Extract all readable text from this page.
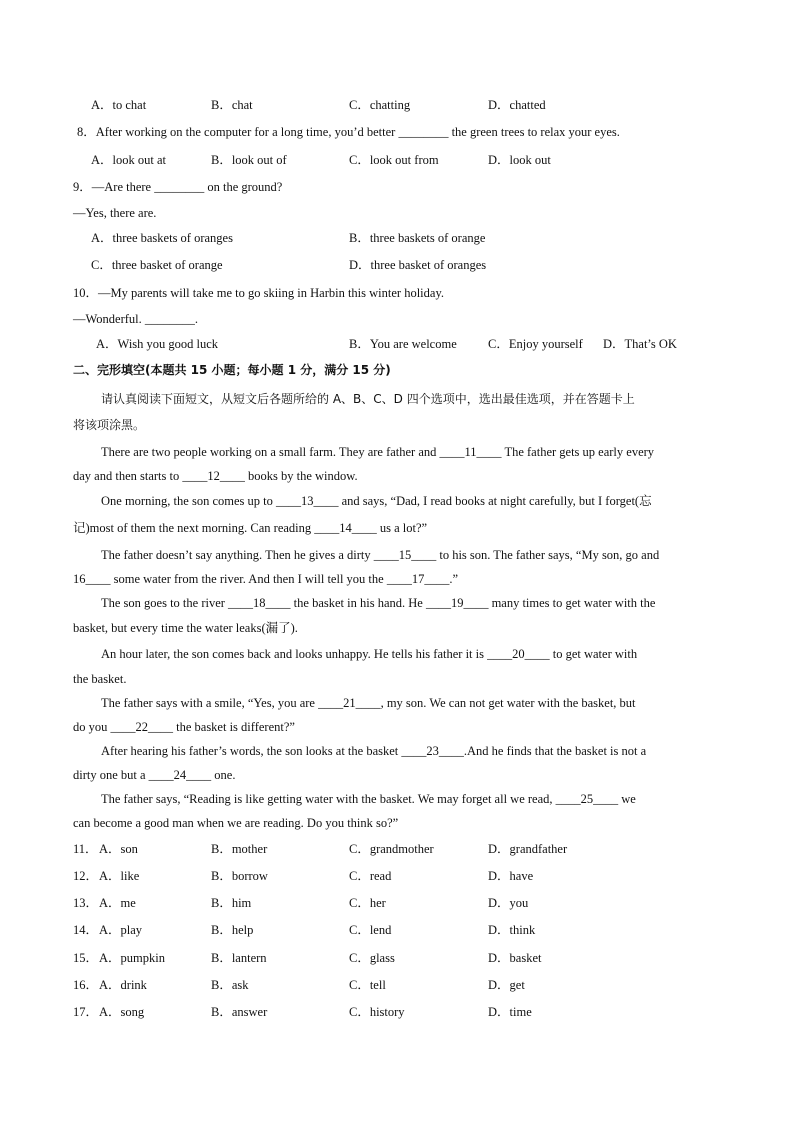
A．to chat	B．chat	C．chatting	D．chatted
8．After working on the computer for a long time, you’d better ________ the green trees to relax your eyes.
A．look out at	B．look out of	C．look out from	D．look out
9．—Are there ________ on the ground?
—Yes, there are.
A．three baskets of oranges	B．three baskets of orange
C．three basket of orange	D．three basket of oranges
10．—My parents will take me to go skiing in Harbin this winter holiday.
—Wonderful. ________.
A．Wish you good luck	B．You are welcome	C．Enjoy yourself D．That’s OK
二、完形填空(本题共 15 小题；每小题 1 分，满分 15 分)
请认真阅读下面短文，从短文后各题所给的 A、B、C、D 四个选项中，选出最佳选项，并在答题卡上
将该项涂黑。
There are two people working on a small farm. They are father and ____11____ The father gets up early every
day and then starts to ____12____ books by the window.
One morning, the son comes up to ____13____ and says, “Dad, I read books at night carefully, but I forget(忘
记)most of them the next morning. Can reading ____14____ us a lot?”
The father doesn’t say anything. Then he gives a dirty ____15____ to his son. The father says, “My son, go and
16____ some water from the river. And then I will tell you the ____17____.”
The son goes to the river ____18____ the basket in his hand. He ____19____ many times to get water with the
basket, but every time the water leaks(漏了).
An hour later, the son comes back and looks unhappy. He tells his father it is ____20____ to get water with
the basket.
The father says with a smile, “Yes, you are ____21____, my son. We can not get water with the basket, but
do you ____22____ the basket is different?”
After hearing his father’s words, the son looks at the basket ____23____.And he finds that the basket is not a
dirty one but a ____24____ one.
The father says, “Reading is like getting water with the basket. We may forget all we read, ____25____ we
can become a good man when we are reading. Do you think so?”
11． A．son	B．mother	C．grandmother	D．grandfather
12． A．like	B．borrow	C．read	D．have
13． A．me	B．him	C．her	D．you
14． A．play	B．help	C．lend	D．think
15． A．pumpkin	B．lantern	C．glass	D．basket
16． A．drink	B．ask	C．tell	D．get
17． A．song	B．answer	C．history	D．time
